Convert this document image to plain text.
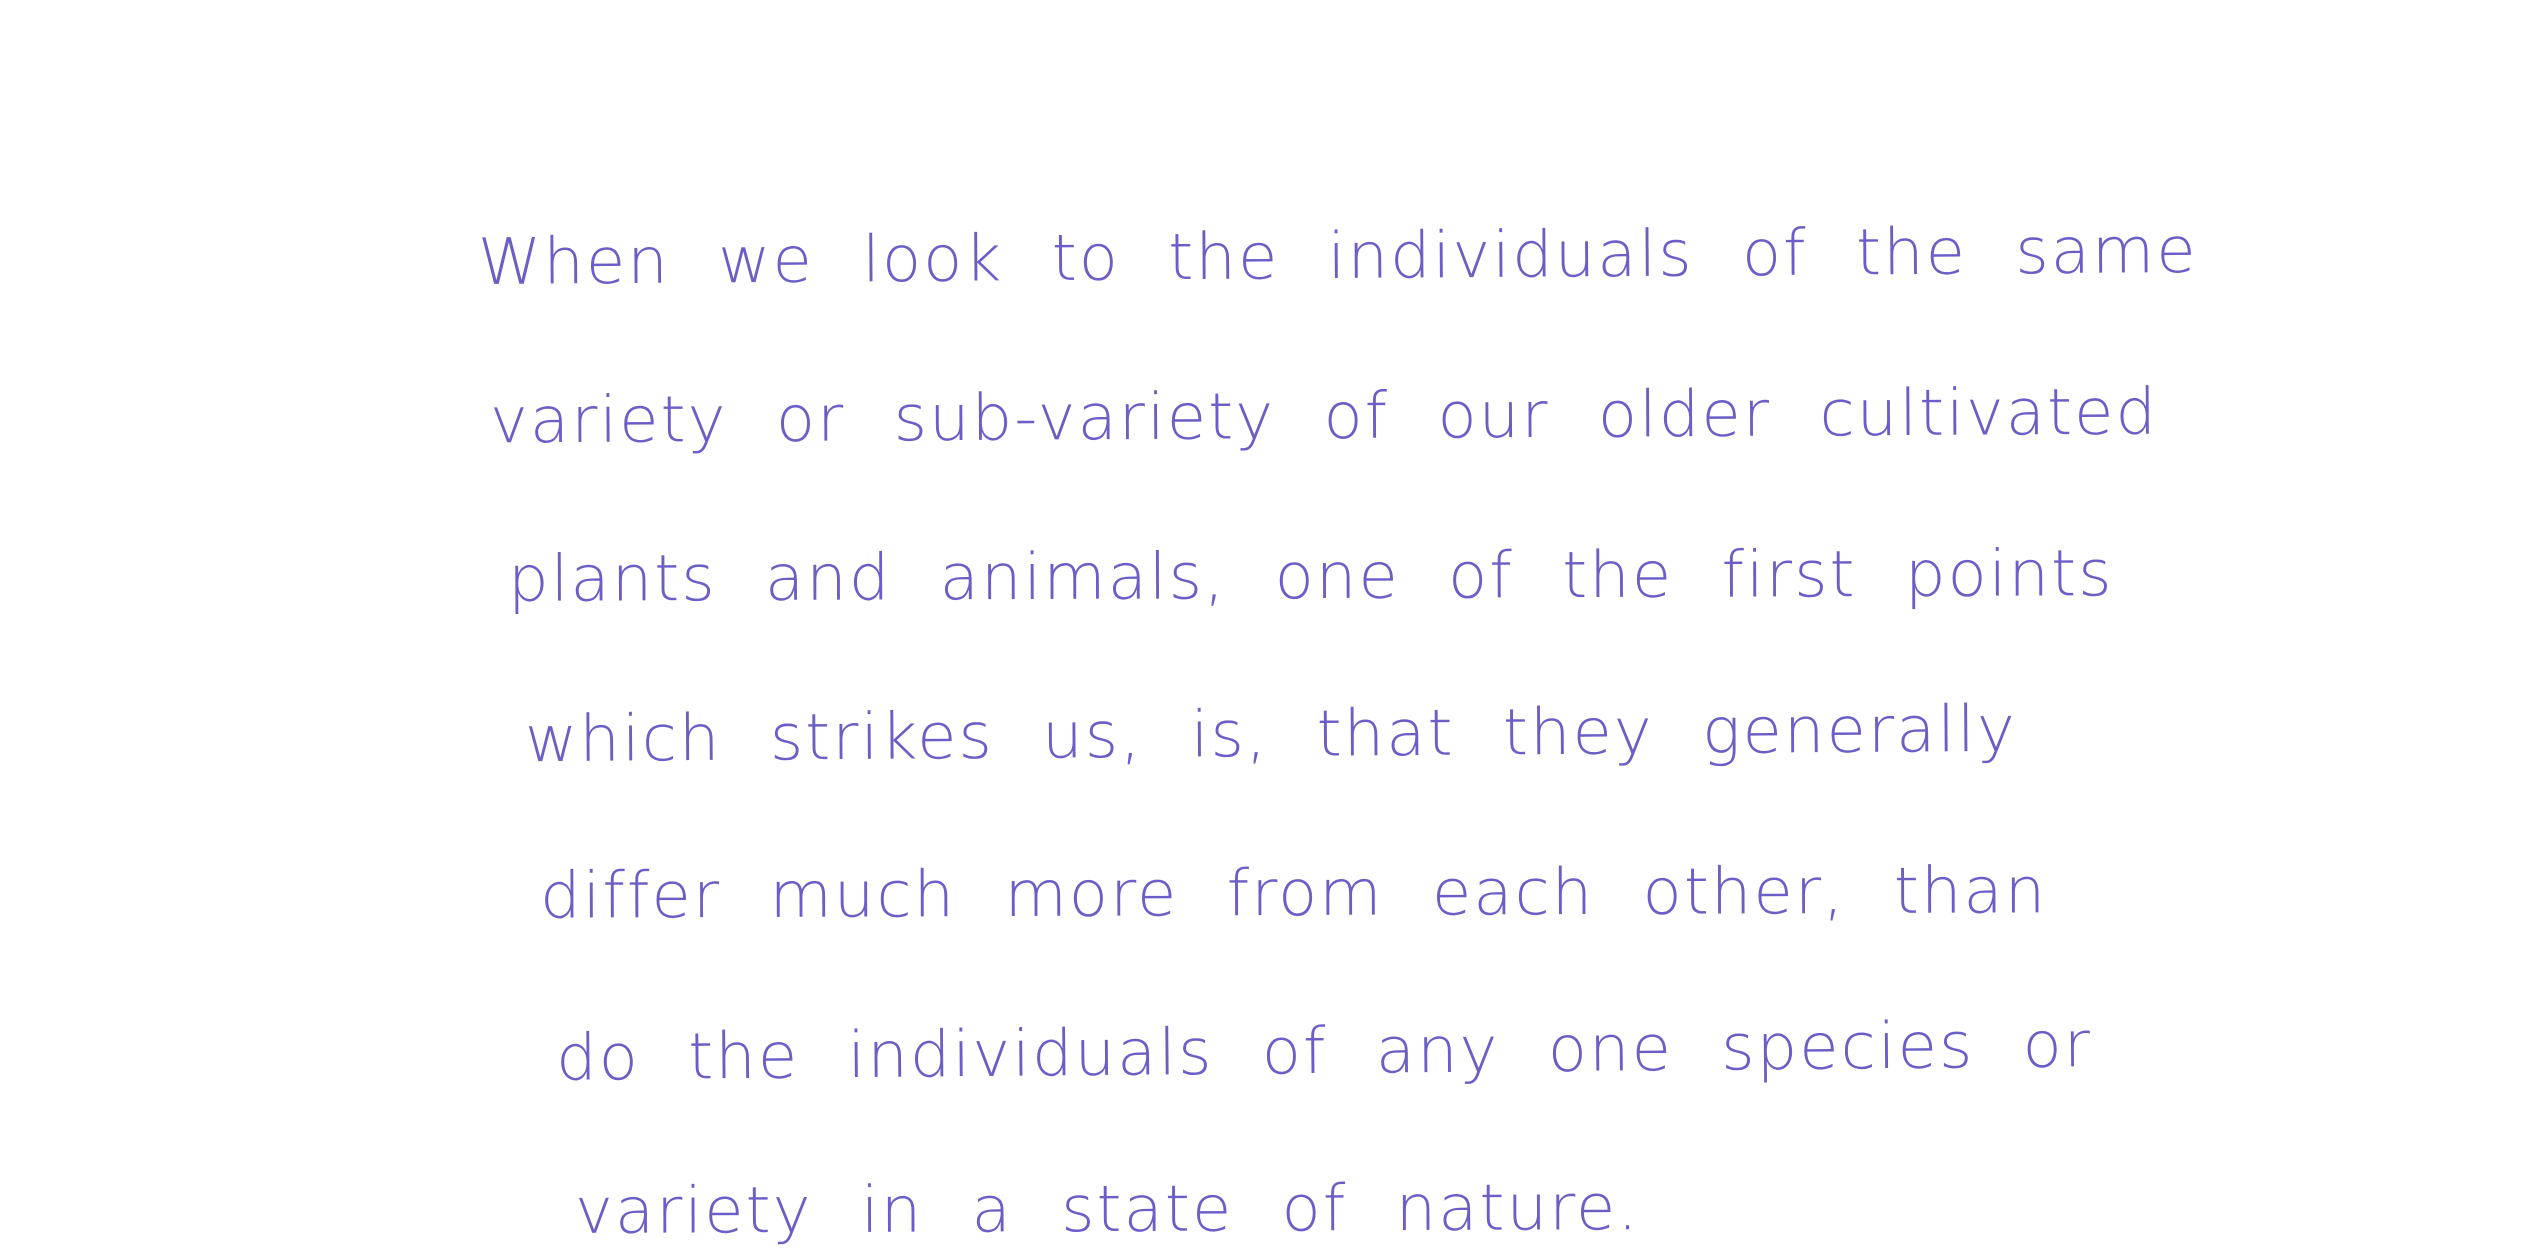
When we look to the individuals of the same

variety or sub-variety of our older cultivated

plants and animals, one of the first points

which strikes us, is, that they generally

differ much more from each other, than

do the individuals of any one species or

variety in a state of nature.
